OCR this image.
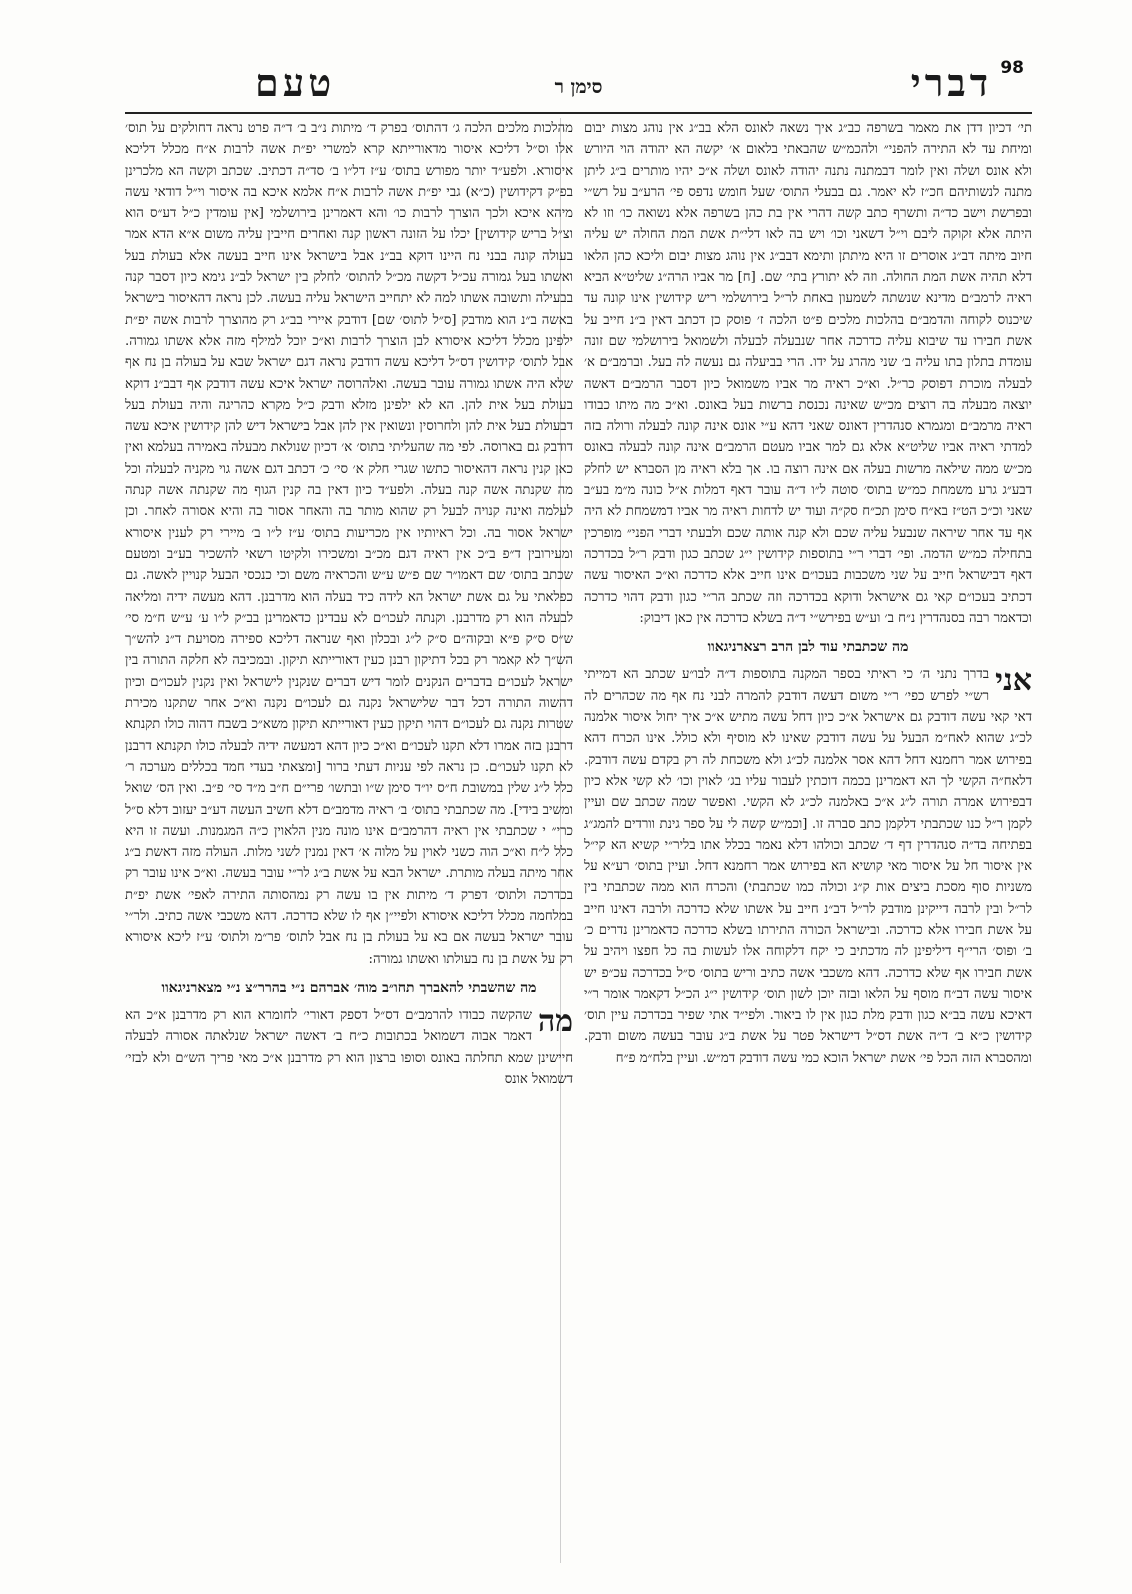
98
דברי
סימן ר
טעם

תי׳ דכיון דדן את מאמר בשרפה כב״ג איך נשאה לאונס הלא בב״ג אין נוהג מצות יבום ומיחת עד לא התירה להפני״ ולהכמ״ש שהבאתי בלאום א׳ יקשה הא יהודה הוי היורש ולא אונס ושלה ואין לומר דבמתנה נתנה יהודה לאונס ושלה א״כ יהיו מותרים ב״ג ליתן מתנה לנשותיהם חכ״ז לא יאמר. גם בבעלי התוס׳ שעל חומש נדפס פי׳ הרע״ב על רש״י ובפרשת וישב כד״ה ותשרף כתב קשה דהרי אין בת כהן בשרפה אלא נשואה כו׳ וזו לא היתה אלא זקוקה ליבם וי״ל דשאני וכו׳ ויש בה לאו דלי״ת אשת המת החולה יש עליה חיוב מיתה דב״ג אוסרים זו היא מיתתן ותימא דבב״ג אין נוהג מצות יבום וליכא כהן הלאו דלא תהיה אשת המת החולה. וזה לא יתורץ בתי׳ שם. [ח] מר אביו הרה״ג שליט״א הביא ראיה לרמב״ם מדינא שנשתה לשמעון באחת לר״ל בירושלמי ריש קידושין אינו קונה עד שיכנוס לקוחה והדמב״ם בהלכות מלכים פ״ט הלכה ז׳ פוסק כן דכתב דאין ב״נ חייב על אשת חבירו עד שיבוא עליה כדרכה אחר שנבעלה לבעלה ולשמואל בירושלמי שם זונה עומדת בתלון בתו עליה ב׳ שני מהרג על ידו. הרי בביעלה גם נעשה לה בעל. וברמב״ם א׳ לבעלה מוכרת דפוסק כר״ל. וא״כ ראיה מר אביו משמואל כיון דסבר הרמב״ם דאשה יוצאה מבעלה בה רוצים מכ״ש שאינה נכנסת ברשות בעל באונס. וא״כ מה מיתו כבודו ראיה מרמב״ם ומגמרא סנהדרין דאונס שאני דהא ע״י אונס אינה קונה לבעלה ורולה בזה למדתי ראיה אביו שליט״א אלא גם למר אביו מעטם הרמב״ם אינה קונה לבעלה באונס מכ״ש ממה שילאה מרשות בעלה אם אינה רוצה בו. אך בלא ראיה מן הסברא יש לחלק דבע״ג גרע משמחת כמ״ש בתוס׳ סוטה ל״ו ד״ה עובר דאף דמלות א״ל כונה מ״מ בע״ב שאני וכ״כ הט״ז בא״ח סימן תכ״ח סק״ה ועוד יש לדחות ראיה מר אביו דמשמחת לא היה אף עד אחר שיראה שנבעל עליה שכם ולא קנה אותה שכם ולבעתי דברי הפני״ מופרכין בתחילה כמ״ש הדמה. ופי׳ דברי ר״י בתוספות קידושין י״ג שכתב כגון ודבק ר״ל בכדרכה דאף דבישראל חייב על שני משכבות בעכו״ם אינו חייב אלא כדרכה וא״כ האיסור עשה דכתיב בעכו״ם קאי גם אישראל ודוקא בכדרכה וזה שכתב הר״י כגון ודבק דהוי כדרכה וכדאמר רבה בסנהדרין נ״ח ב׳ וע״ש בפירש״י ד״ה בשלא כדרכה אין כאן דיבוק:

מה שכתבתי עוד לבן הרב רצארניגאוו

אני
בדרך נתני ה׳ כי ראיתי בספר המקנה בתוספות ד״ה לבו״ע שכתב הא דמייתי רש״י לפרש כפי׳ ר״י משום דעשה דודבק להמרה לבני נח אף מה שכהרים לה דאי קאי עשה דודבק גם אישראל א״כ כיון דחל עשה מתיש א״כ איך יחול איסור אלמנה לכ״ג שהוא לאח״מ הבעל על עשה דודבק שאינו לא מוסיף ולא כולל. אינו הכרח דהא בפירוש אמר רחמנא דחל דהא אסר אלמנה לכ״ג ולא משכחת לה רק בקדם עשה דודבק. דלאח״ה הקשי לך הא דאמרינן בכמה דוכתין לעבור עליו בג׳ לאוין וכו׳ לא קשי אלא כיון דבפירוש אמרה תורה ל״ג א״כ באלמנה לכ״ג לא הקשי. ואפשר שמה שכתב שם ועיין לקמן ר״ל כנו שכתבתי דלקמן כתב סברה זו. [וכמ״ש קשה לי על ספר גינת וורדים להמג״ג בפתיחה בד״ה סנהדרין דף ד׳ שכתב וכולהו דלא נאמר בכלל אתו בליר״י קשיא הא קי״ל אין איסור חל על איסור מאי קושיא הא בפירוש אמר רחמנא דחל. ועיין בתוס׳ רע״א על משניות סוף מסכת ביצים אות ק״ג וכולה כמו שכתבתי) והכרח הוא ממה שכתבתי בין לר״ל ובין לרבה דייקינן מודבק לר״ל דב״נ חייב על אשתו שלא כדרכה ולרבה דאינו חייב על אשת חבירו אלא כדרכה. ובישראל הכורה התירתו בשלא כדרכה כדאמרינן נדרים כ׳ ב׳ ופוס׳ הרי״ף דיליפינן לה מדכתיב כי יקח דלקוחה אלו לעשות בה כל חפצו ויהיב על אשת חבירו אף שלא כדרכה. דהא משכבי אשה כתיב וריש בתוס׳ ס״ל בכדרכה עכ״פ יש איסור עשה דב״ח מוסף על הלאו ובזה יוכן לשון תוס׳ קידושין י״ג הכ״ל דקאמר אומר ר״י דאיכא עשה בב״א כגון ודבק מלת כגון אין לו ביאור. ולפי״ד אתי שפיר בכדרכה עיין תוס׳ קידושין כ״א ב׳ ד״ה אשת דס״ל דישראל פטר על אשת ב״ג עובר בעשה משום ודבק. ומהסברא הזה הכל פי׳ אשת ישראל הוכא כמי עשה דודבק דמ״ש. ועיין בלח״מ פ״ח

מהלכות מלכים הלכה ג׳ דהתוס׳ בפרק ד׳ מיתות נ״ב ב׳ ד״ה פרט נראה דחולקים על תוס׳ אלו וס״ל דליכא איסור מדאורייתא קרא למשרי יפ״ת אשה לרבות א״ח מכלל דליכא איסורא. ולפע״ד יותר מפורש בתוס׳ ע״ז דל״ו ב׳ סד״ה דכתיב. שכתב וקשה הא מלכרינן בפ״ק דקידושין (כ״א) גבי יפ״ת אשה לרבות א״ח אלמא איכא בה איסור וי״ל דודאי עשה מיהא איכא ולכך הוצרך לרבות כו׳ והא דאמרינן בירושלמי [אין עומדין כ״ל דע״ס הוא וצ״ל בריש קידושין] יכלו על הזונה ראשון קנה ואחרים חייבין עליה משום א״א הדא אמר בעולה קונה בבני נח היינו דוקא בב״נ אבל בישראל אינו חייב בעשה אלא בעולת בעל ואשתו בעל גמורה עכ״ל דקשה מכ״ל להתוס׳ לחלק בין ישראל לב״נ גימא כיון דסבר קנה בבעילה ותשובה אשתו למה לא יתחייב הישראל עליה בעשה. לכן נראה דהאיסור בישראל באשה ב״נ הוא מודבק [ס״ל לתוס׳ שם] דודבק איירי בב״ג רק מהוצרך לרבות אשה יפ״ת ילפינן מכלל דליכא איסורא לבן הוצרך לרבות וא״כ יוכל למילף מזה אלא אשתו גמורה. אבל לתוס׳ קידושין דס״ל דליכא עשה דודבק נראה דגם ישראל שבא על בעולה בן נח אף שלא היה אשתו גמורה עובר בעשה. ואלהרוסה ישראל איכא עשה דודבק אף דבב״נ דוקא בעולת בעל אית להן. הא לא ילפינן מזלא ודבק כ״ל מקרא כהריגה והיה בעולת בעל דבעולת בעל אית להן ולחרוסין ונשואין אין להן אבל בישראל דיש להן קידושין איכא עשה דודבק גם בארוסה. לפי מה שהעליתי בתוס׳ א׳ דכיון שנולאת מבעלה באמירה בעלמא ואין כאן קנין נראה דהאיסור כתשו שגרי חלק א׳ סי׳ כ׳ דכתב דגם אשה גוי מקניה לבעלה וכל מה שקנתה אשה קנה בעלה. ולפע״ד כיון דאין בה קנין הגוף מה שקנתה אשה קנתה לעלמה ואינה קנויה לבעל רק שהוא מותר בה והאחר אסור בה והיא אסורה לאחר. וכן ישראל אסור בה. וכל ראיותיו אין מכריעות בתוס׳ ע״ז ל״ו ב׳ מיירי רק לענין איסורא ומעירובין ד״פ ב״כ אין ראיה דגם מכ״ב ומשכירו ולקיטו רשאי להשכיר בע״ב ומטעם שכתב בתוס׳ שם דאמו״ר שם פ״ש ע״ש והכראיה משם וכי כנכסי הבעל קנויין לאשה. גם כפלאתי על גם אשת ישראל הא לידה כיד בעלה הוא מדרבנן. דהא מעשה ידיה ומליאה לבעלה הוא רק מדרבנן. וקנתה לעכו״ם לא עבדינן כדאמרינן בב״ק ל״ו ע׳ ע״ש ח״מ סי׳ ש״ס ס״ק פ״א ובקוה״ם ס״ק ל״ג ובכלון ואף שנראה דליכא ספירה מסויעת ד״נ להש״ך הש״ך לא קאמר רק בכל דתיקון רבנן כעין דאורייתא תיקון. ובמכיבה לא חלקה התורה בין ישראל לעכו״ם בדברים הנקנים לומר דיש דברים שנקנין לישראל ואין נקנין לעכו״ם וכיון דהשוה התורה דכל דבר שלישראל נקנה גם לעכו״ם נקנה וא״כ אחר שתקנו מכירת שטרות נקנה גם לעכו״ם דהוי תיקון כעין דאורייתא תיקון משא״כ בשבח דהוה כולו תקנתא דרבנן בזה אמרו דלא תקנו לעכו״ם וא״כ כיון דהא דמעשה ידיה לבעלה כולו תקנתא דרבנן לא תקנו לעכו״ם. כן נראה לפי עניות דעתי ברור [ומצאתי בעדי חמד בכללים מערכה ר׳ כלל ל״ג שלין במשובת ח״ס יו״ד סימן ש״ו ובתשו׳ פרי״ם ח״ב מ״ד סי׳ פ״ב. ואין הס׳ שואל ומשיב בידי]. מה שכתבתי בתוס׳ ב׳ ראיה מדמב״ם דלא חשיב העשה דע״ב יעזוב דלא ס״ל כרי״ י שכתבתי אין ראיה דהרמב״ם אינו מונה מנין הלאוין כ״ה המגמנות. ועשה זו היא כלל ל״ח וא״כ הוה כשני לאוין על מלוה א׳ דאין נמנין לשני מלות. העולה מזה דאשת ב״ג אחר מיתה בעלה מותרת. ישראל הבא על אשת ב״ג לר״י עובר בעשה. וא״כ אינו עובר רק בכדרכה ולתוס׳ דפרק ד׳ מיתות אין בו עשה רק נמהסותה התירה לאפי׳ אשת יפ״ת במלחמה מכלל דליכא איסורא ולפיי״ן אף לו שלא כדרכה. דהא משכבי אשה כתיב. ולר״י עובר ישראל בעשה אם בא על בעולת בן נח אבל לתוס׳ פר״מ ולתוס׳ ע״ז ליכא איסורא רק על אשת בן נח בעולתו ואשתו גמורה:

מה שהשבתי להאברך תחו״ב מוה׳ אברהם נ״י בהרר״צ נ״י מצארניגאוו

מה
שהקשה כבודו להרמב״ם דס״ל דספק דאורי׳ לחומרא הוא רק מדרבנן א״כ הא דאמר אבוה דשמואל בכתובות כ״ח ב׳ דאשה ישראל שנלאתה אסורה לבעלה חיישינן שמא תחלתה באונס וסופו ברצון הוא רק מדרבנן א״כ מאי פריך הש״ם ולא לבזי׳ דשמואל אונס
